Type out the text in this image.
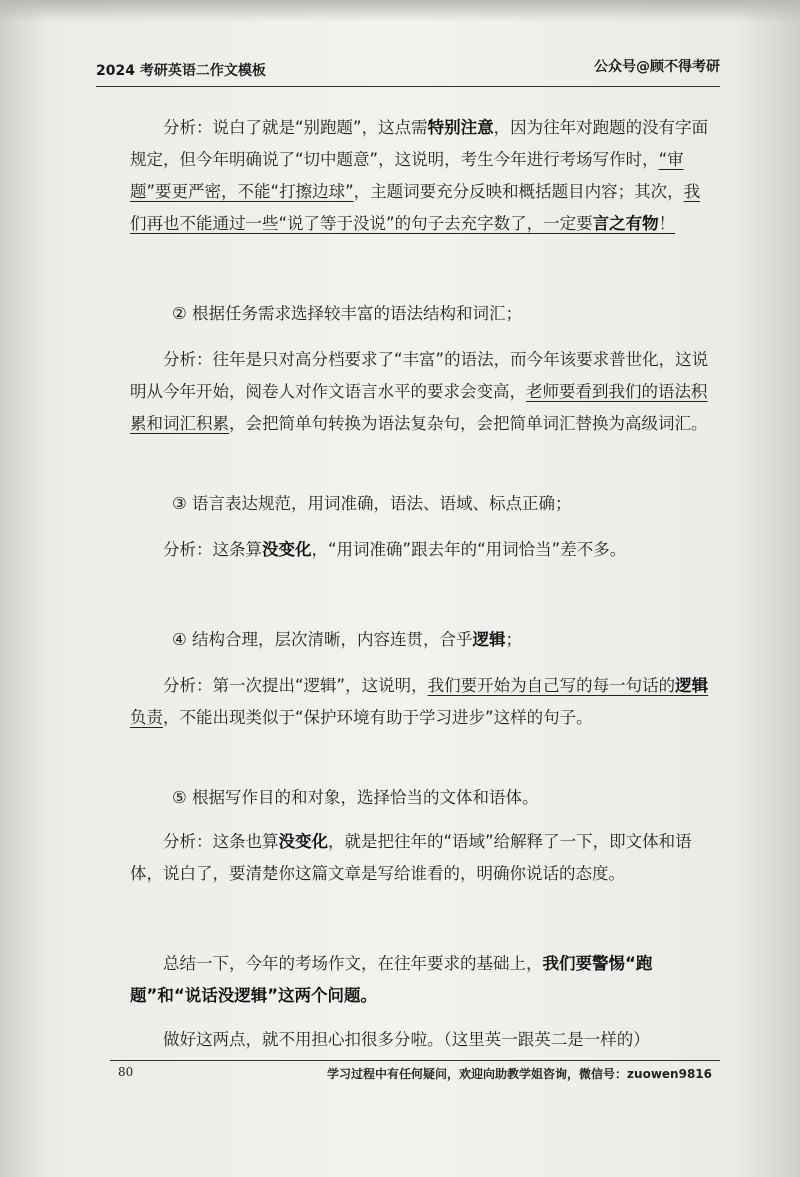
2024 考研英语二作文模板	公众号@顾不得考研
分析：说白了就是“别跑题”，这点需特别注意，因为往年对跑题的没有字面规定，但今年明确说了“切中题意”，这说明，考生今年进行考场写作时，“审题”要更严密，不能“打擦边球”，主题词要充分反映和概括题目内容；其次，我们再也不能通过一些“说了等于没说”的句子去充字数了，一定要言之有物！
② 根据任务需求选择较丰富的语法结构和词汇；
分析：往年是只对高分档要求了“丰富”的语法，而今年该要求普世化，这说明从今年开始，阅卷人对作文语言水平的要求会变高，老师要看到我们的语法积累和词汇积累，会把简单句转换为语法复杂句，会把简单词汇替换为高级词汇。
③ 语言表达规范，用词准确，语法、语域、标点正确；
分析：这条算没变化，“用词准确”跟去年的“用词恰当”差不多。
④ 结构合理，层次清晰，内容连贯，合乎逻辑；
分析：第一次提出“逻辑”，这说明，我们要开始为自己写的每一句话的逻辑负责，不能出现类似于“保护环境有助于学习进步”这样的句子。
⑤ 根据写作目的和对象，选择恰当的文体和语体。
分析：这条也算没变化，就是把往年的“语域”给解释了一下，即文体和语体，说白了，要清楚你这篇文章是写给谁看的，明确你说话的态度。
总结一下，今年的考场作文，在往年要求的基础上，我们要警惕“跑题”和“说话没逻辑”这两个问题。
做好这两点，就不用担心扣很多分啦。（这里英一跟英二是一样的）
80	学习过程中有任何疑问，欢迎向助教学姐咨询，微信号：zuowen9816
